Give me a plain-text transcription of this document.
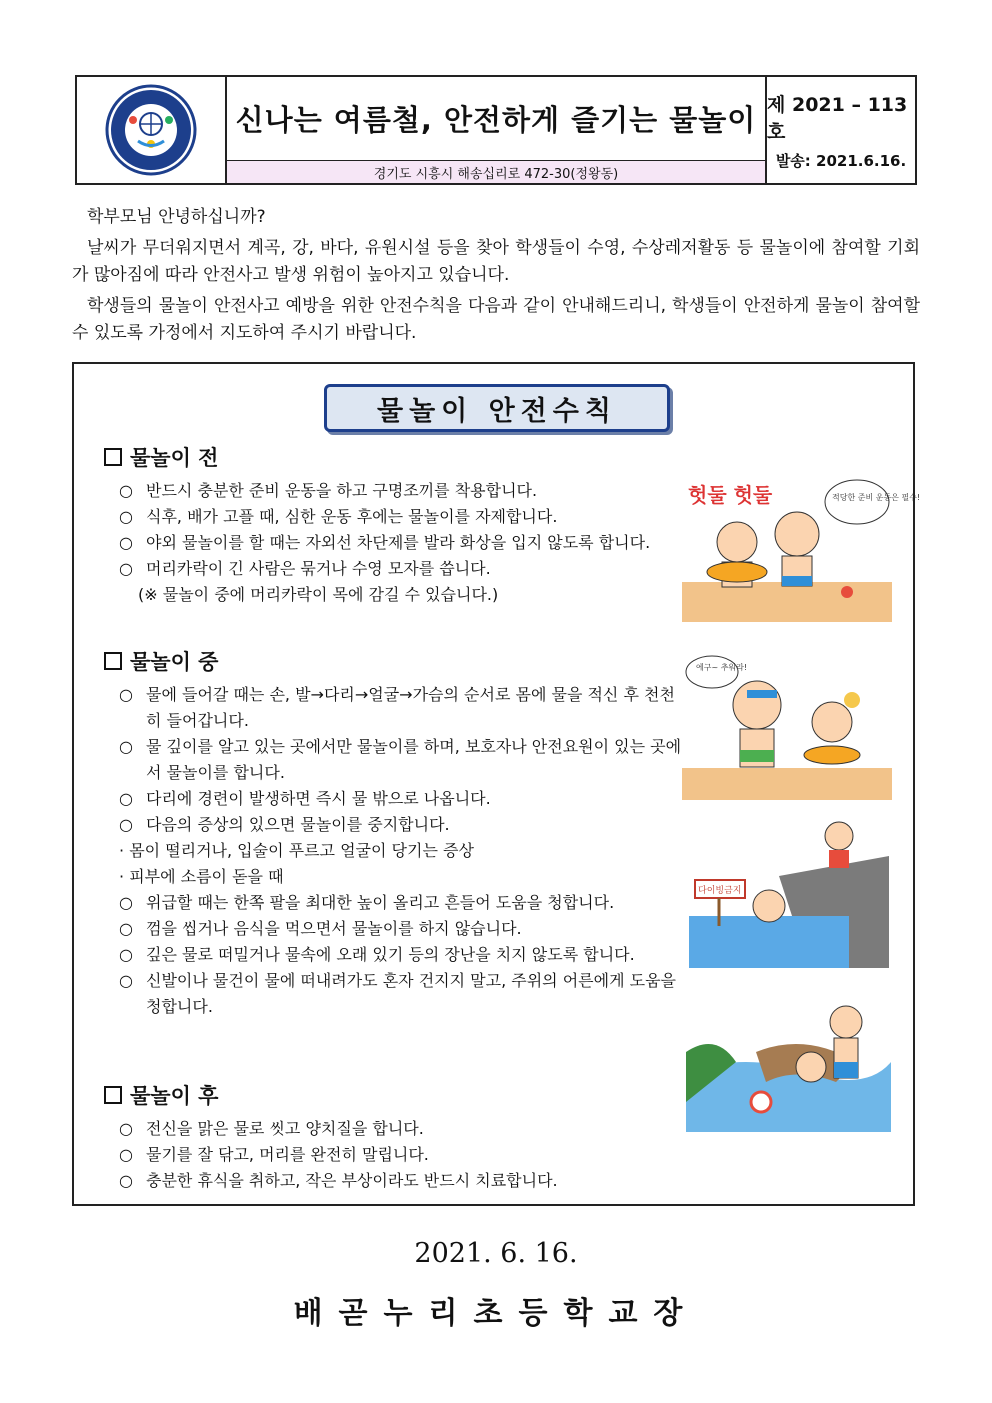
신나는 여름철, 안전하게 즐기는 물놀이
경기도 시흥시 해송십리로 472-30(정왕동)
제 2021 – 113호
발송: 2021.6.16.

학부모님 안녕하십니까?

날씨가 무더워지면서 계곡, 강, 바다, 유원시설 등을 찾아 학생들이 수영, 수상레저활동 등 물놀이에 참여할 기회가 많아짐에 따라 안전사고 발생 위험이 높아지고 있습니다.

학생들의 물놀이 안전사고 예방을 위한 안전수칙을 다음과 같이 안내해드리니, 학생들이 안전하게 물놀이 참여할 수 있도록 가정에서 지도하여 주시기 바랍니다.

물놀이 안전수칙
물놀이 전
○ 반드시 충분한 준비 운동을 하고 구명조끼를 착용합니다.
○ 식후, 배가 고플 때, 심한 운동 후에는 물놀이를 자제합니다.
○ 야외 물놀이를 할 때는 자외선 차단제를 발라 화상을 입지 않도록 합니다.
○ 머리카락이 긴 사람은 묶거나 수영 모자를 씁니다.
(※ 물놀이 중에 머리카락이 목에 감길 수 있습니다.)
물놀이 중
○ 물에 들어갈 때는 손, 발→다리→얼굴→가슴의 순서로 몸에 물을 적신 후 천천히 들어갑니다.
○ 물 깊이를 알고 있는 곳에서만 물놀이를 하며, 보호자나 안전요원이 있는 곳에서 물놀이를 합니다.
○ 다리에 경련이 발생하면 즉시 물 밖으로 나옵니다.
○ 다음의 증상의 있으면 물놀이를 중지합니다.
· 몸이 떨리거나, 입술이 푸르고 얼굴이 당기는 증상
· 피부에 소름이 돋을 때
○ 위급할 때는 한쪽 팔을 최대한 높이 올리고 흔들어 도움을 청합니다.
○ 껌을 씹거나 음식을 먹으면서 물놀이를 하지 않습니다.
○ 깊은 물로 떠밀거나 물속에 오래 있기 등의 장난을 치지 않도록 합니다.
○ 신발이나 물건이 물에 떠내려가도 혼자 건지지 말고, 주위의 어른에게 도움을 청합니다.
물놀이 후
○ 전신을 맑은 물로 씻고 양치질을 합니다.
○ 물기를 잘 닦고, 머리를 완전히 말립니다.
○ 충분한 휴식을 취하고, 작은 부상이라도 반드시 치료합니다.
헛둘 헛둘	적당한 준비 운동은 필수!
에구~ 추워라!
다이빙금지
2021. 6. 16.
배곧누리초등학교장
